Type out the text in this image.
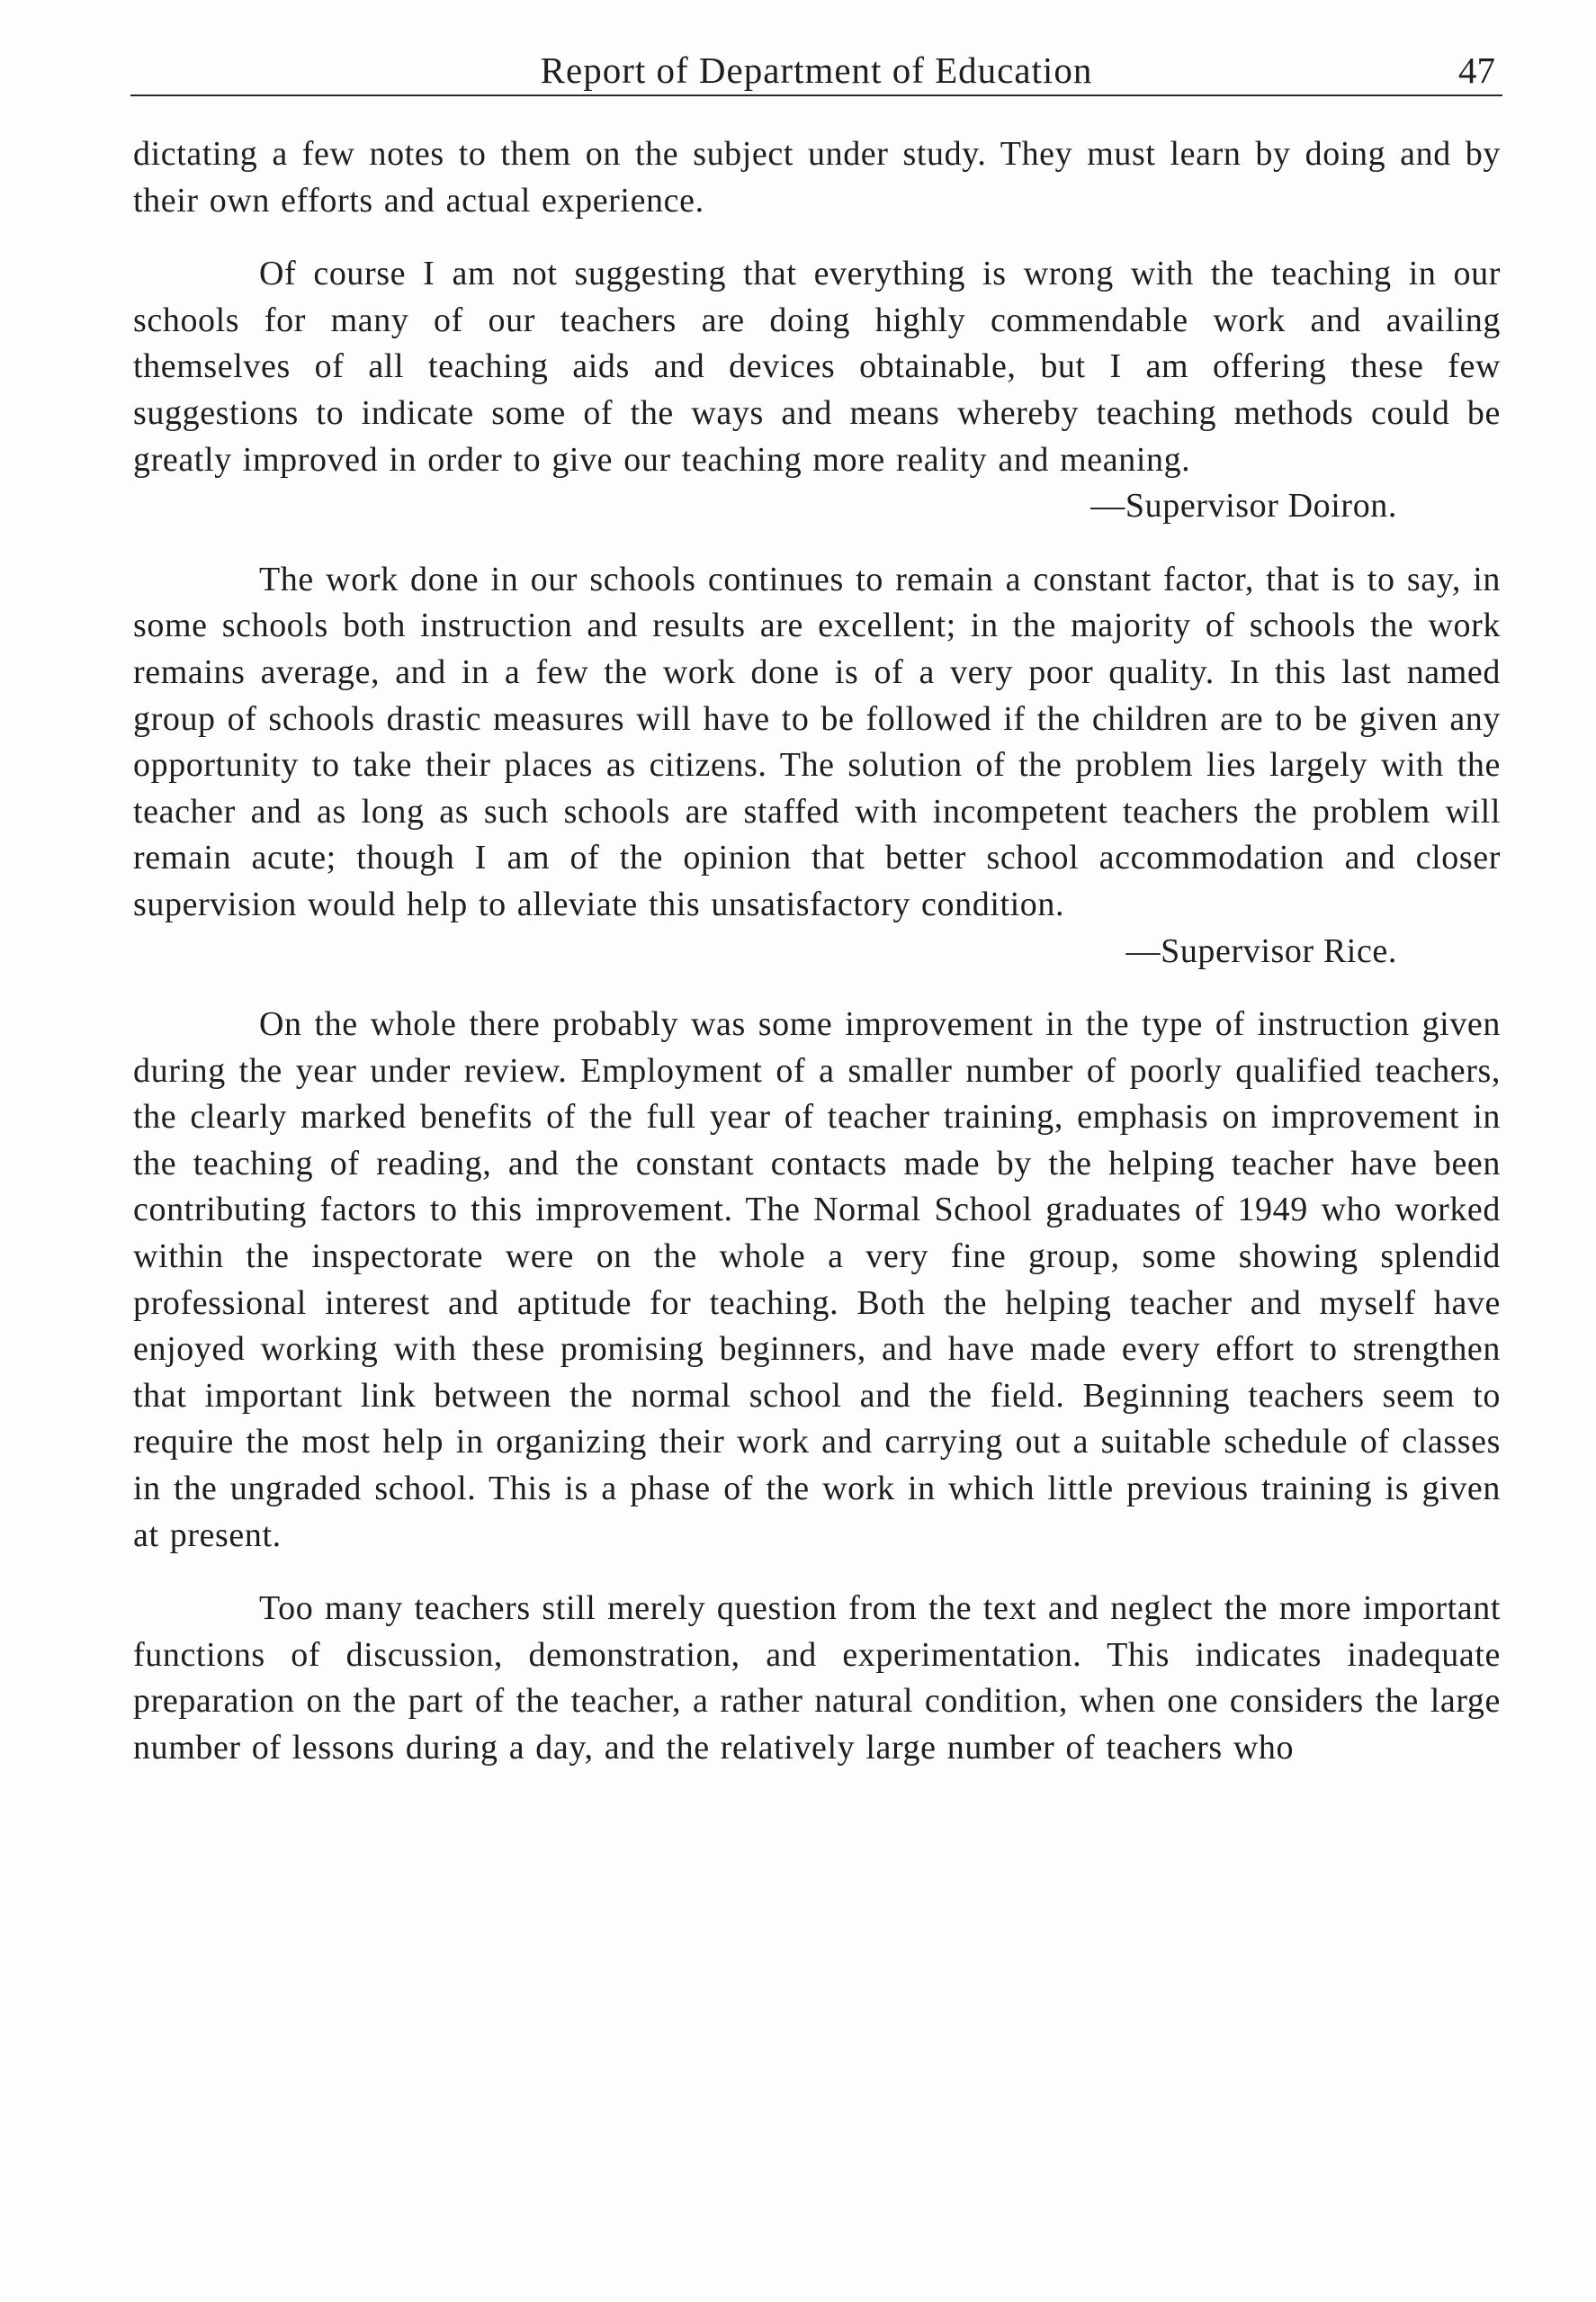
Report of Department of Education	47

dictating a few notes to them on the subject under study. They must learn by doing and by their own efforts and actual experience.

Of course I am not suggesting that everything is wrong with the teaching in our schools for many of our teachers are doing highly commendable work and availing themselves of all teaching aids and devices obtainable, but I am offering these few suggestions to indicate some of the ways and means whereby teaching methods could be greatly improved in order to give our teaching more reality and meaning.

—Supervisor Doiron.

The work done in our schools continues to remain a constant factor, that is to say, in some schools both instruction and results are excellent; in the majority of schools the work remains average, and in a few the work done is of a very poor quality. In this last named group of schools drastic measures will have to be followed if the children are to be given any opportunity to take their places as citizens. The solution of the problem lies largely with the teacher and as long as such schools are staffed with incompetent teachers the problem will remain acute; though I am of the opinion that better school accommodation and closer supervision would help to alleviate this unsatisfactory condition.

—Supervisor Rice.

On the whole there probably was some improvement in the type of instruction given during the year under review. Employment of a smaller number of poorly qualified teachers, the clearly marked benefits of the full year of teacher training, emphasis on improvement in the teaching of reading, and the constant contacts made by the helping teacher have been contributing factors to this improvement. The Normal School graduates of 1949 who worked within the inspectorate were on the whole a very fine group, some showing splendid professional interest and aptitude for teaching. Both the helping teacher and myself have enjoyed working with these promising beginners, and have made every effort to strengthen that important link between the normal school and the field. Beginning teachers seem to require the most help in organizing their work and carrying out a suitable schedule of classes in the ungraded school. This is a phase of the work in which little previous training is given at present.

Too many teachers still merely question from the text and neglect the more important functions of discussion, demonstration, and experimentation. This indicates inadequate preparation on the part of the teacher, a rather natural condition, when one considers the large number of lessons during a day, and the relatively large number of teachers who
